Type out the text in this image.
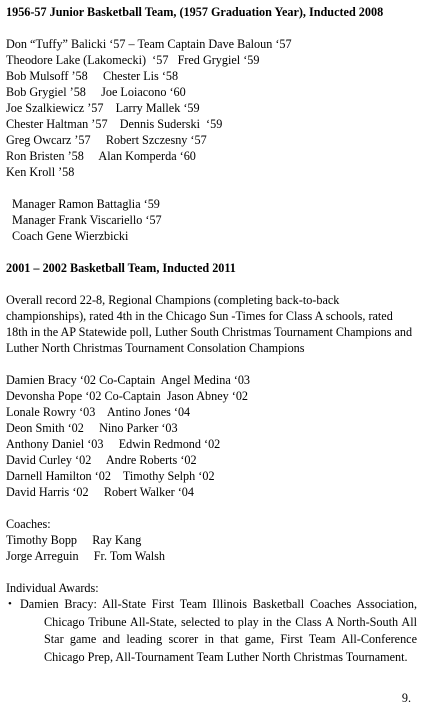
1956-57 Junior Basketball Team, (1957 Graduation Year), Inducted 2008
Don “Tuffy” Balicki ‘57 – Team Captain Dave Baloun ‘57
Theodore Lake (Lakomecki)  ‘57   Fred Grygiel ‘59
Bob Mulsoff ’58     Chester Lis ‘58
Bob Grygiel ’58     Joe Loiacono ‘60
Joe Szalkiewicz ’57    Larry Mallek ‘59
Chester Haltman ’57    Dennis Suderski  ‘59
Greg Owcarz ’57     Robert Szczesny ‘57
Ron Bristen ’58     Alan Komperda ‘60
Ken Kroll ’58
Manager Ramon Battaglia ‘59
Manager Frank Viscariello ‘57
Coach Gene Wierzbicki
2001 – 2002 Basketball Team, Inducted 2011
Overall record 22-8, Regional Champions (completing back-to-back championships), rated 4th in the Chicago Sun -Times for Class A schools, rated 18th in the AP Statewide poll, Luther South Christmas Tournament Champions and Luther North Christmas Tournament Consolation Champions
Damien Bracy ‘02 Co-Captain  Angel Medina ‘03
Devonsha Pope ‘02 Co-Captain  Jason Abney ‘02
Lonale Rowry ‘03    Antino Jones ‘04
Deon Smith ‘02     Nino Parker ‘03
Anthony Daniel ‘03     Edwin Redmond ‘02
David Curley ‘02     Andre Roberts ‘02
Darnell Hamilton ‘02    Timothy Selph ‘02
David Harris ‘02     Robert Walker ‘04
Coaches:
Timothy Bopp     Ray Kang
Jorge Arreguin     Fr. Tom Walsh
Individual Awards:
• Damien Bracy: All-State First Team Illinois Basketball Coaches Association, Chicago Tribune All-State, selected to play in the Class A North-South All Star game and leading scorer in that game, First Team All-Conference Chicago Prep, All-Tournament Team Luther North Christmas Tournament.
9.
